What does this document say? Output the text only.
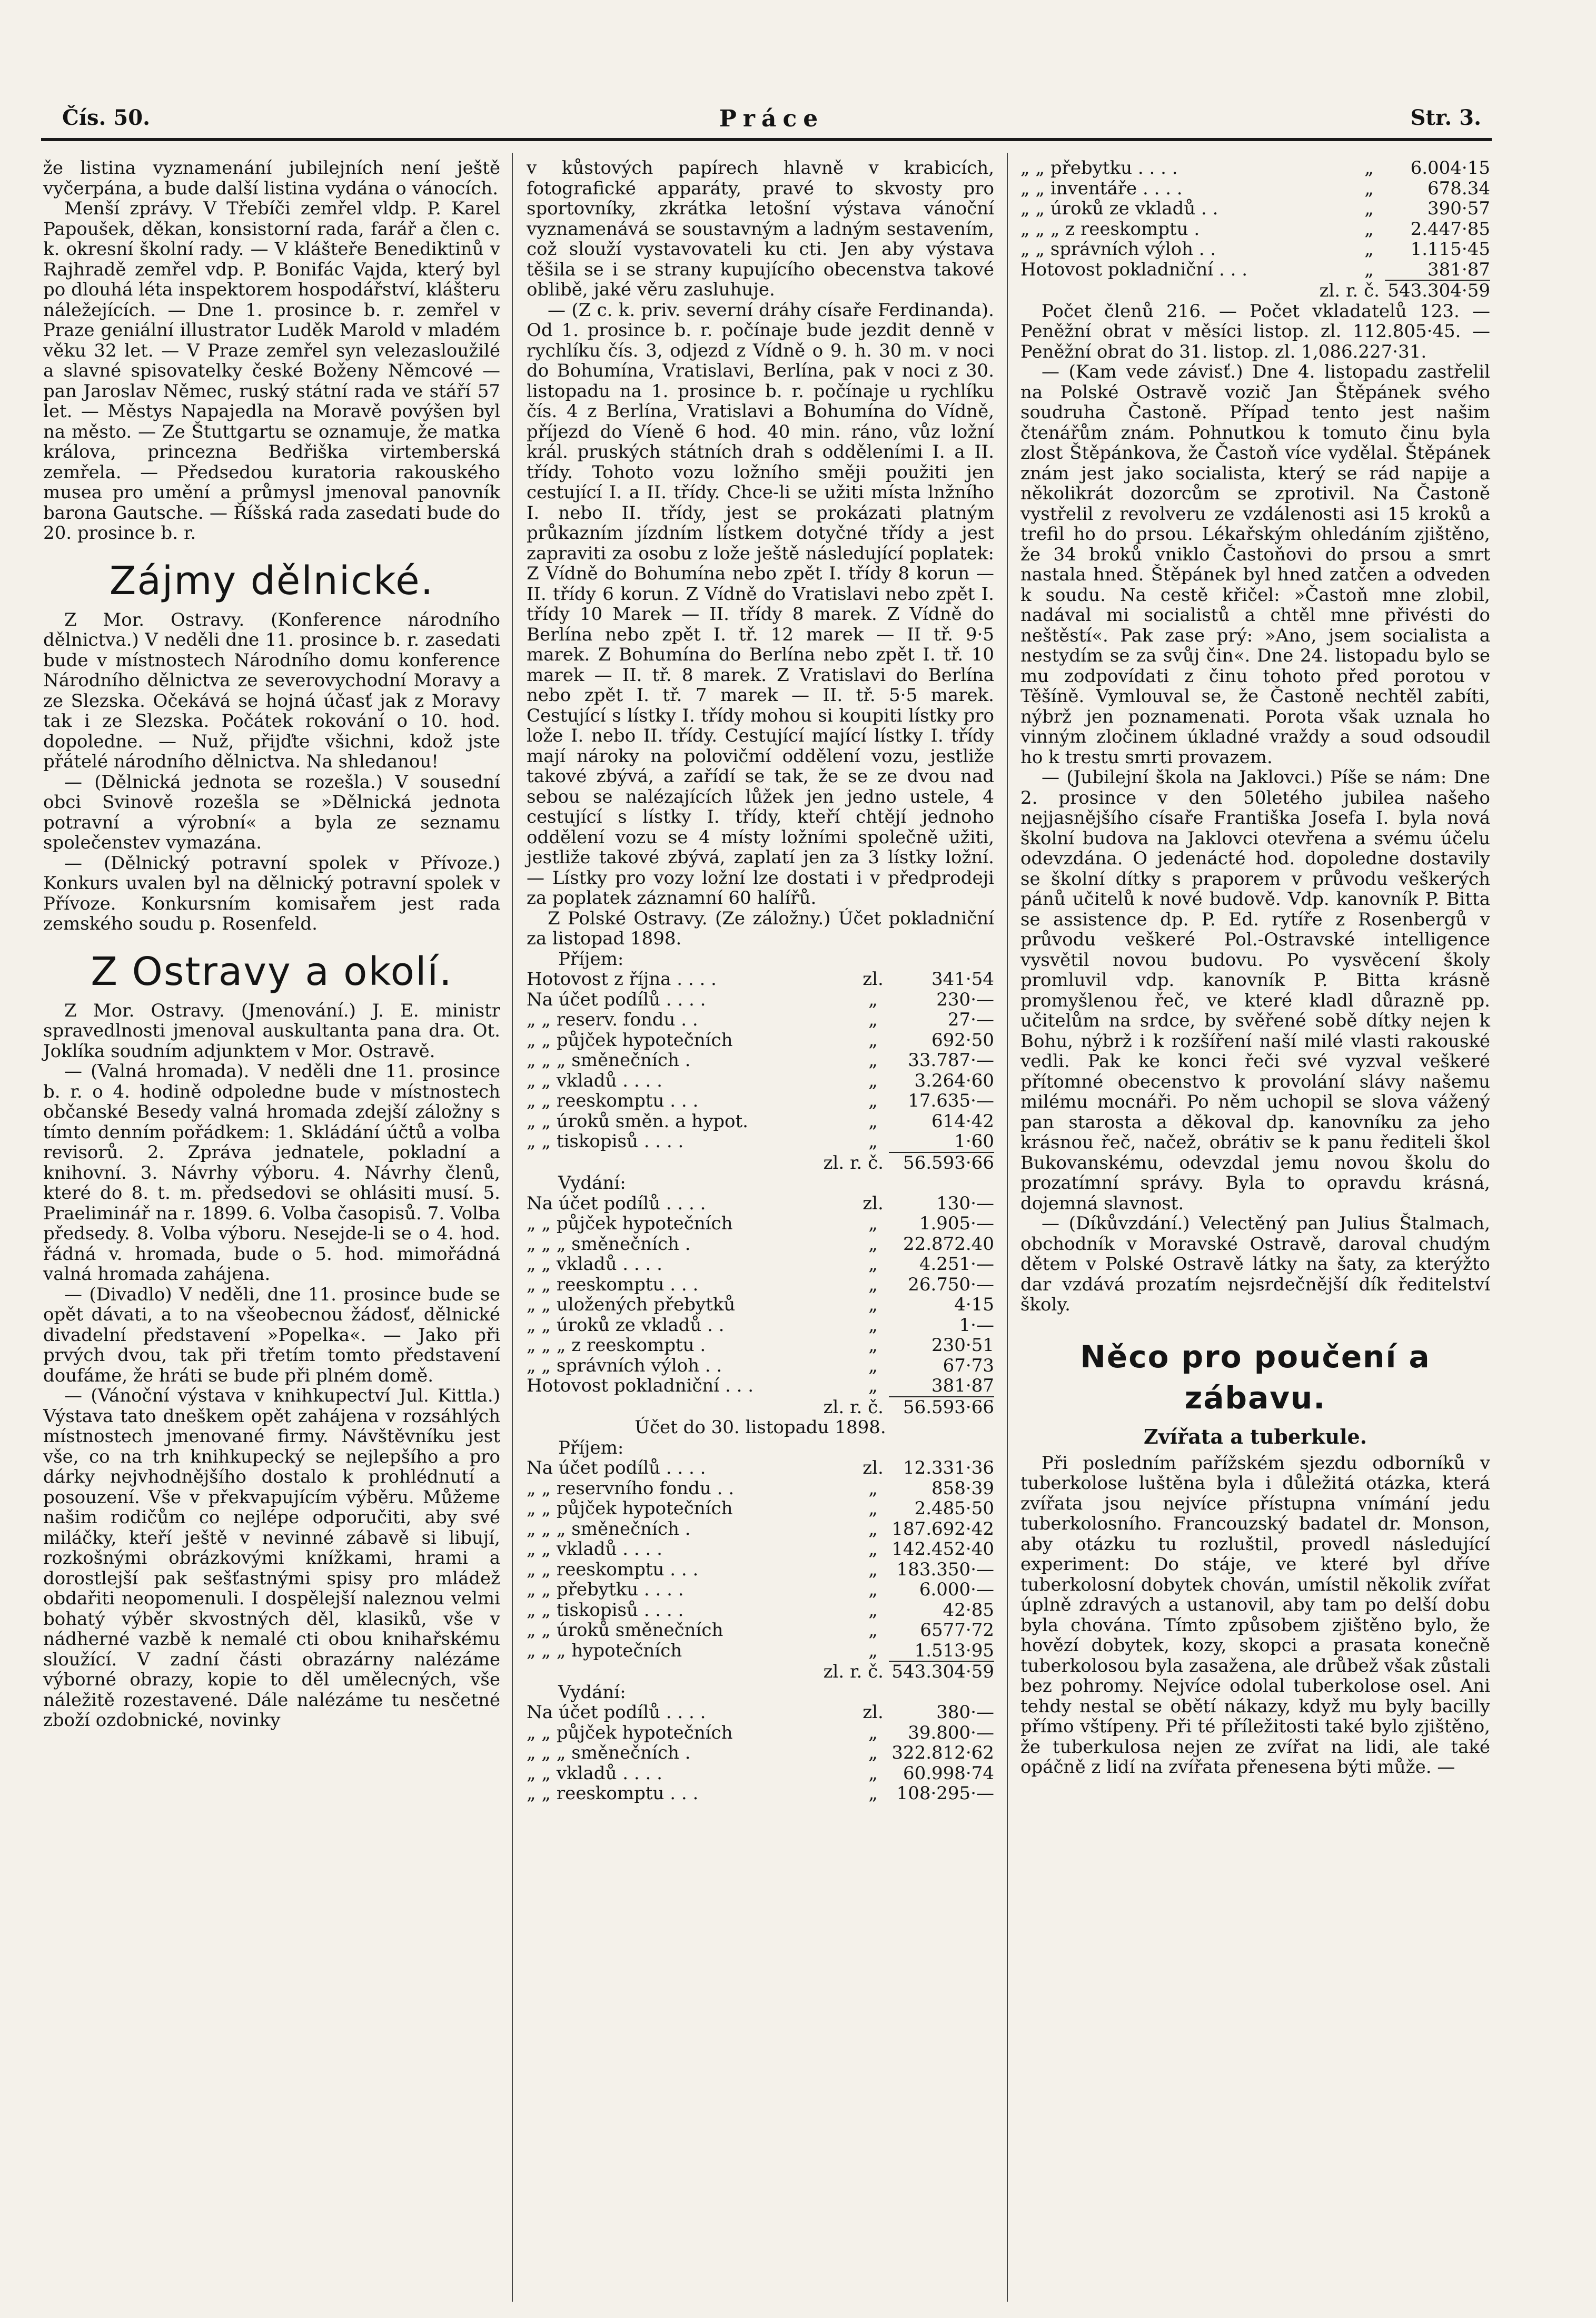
Čís. 50.	Práce	Str. 3.

že listina vyznamenání jubilejních není ještě vyčerpána, a bude další listina vydána o vánocích.

Menší zprávy. V Třebíči zemřel vldp. P. Karel Papoušek, děkan, konsistorní rada, farář a člen c. k. okresní školní rady. — V klášteře Benediktinů v Rajhradě zemřel vdp. P. Bonifác Vajda, který byl po dlouhá léta inspektorem hospodářství, klášteru náležejících. — Dne 1. prosince b. r. zemřel v Praze geniální illustrator Luděk Marold v mladém věku 32 let. — V Praze zemřel syn velezasloužilé a slavné spisovatelky české Boženy Němcové — pan Jaroslav Němec, ruský státní rada ve stáří 57 let. — Městys Napajedla na Moravě povýšen byl na město. — Ze Štuttgartu se oznamuje, že matka králova, princezna Bedřiška virtemberská zemřela. — Předsedou kuratoria rakouského musea pro umění a průmysl jmenoval panovník barona Gautsche. — Říšská rada zasedati bude do 20. prosince b. r.

Zájmy dělnické.

Z Mor. Ostravy. (Konference národního dělnictva.) V neděli dne 11. prosince b. r. zasedati bude v místnostech Národního domu konference Národního dělnictva ze severovychodní Moravy a ze Slezska. Očekává se hojná účasť jak z Moravy tak i ze Slezska. Počátek rokování o 10. hod. dopoledne. — Nuž, přijďte všichni, kdož jste přátelé národního dělnictva. Na shledanou!

— (Dělnická jednota se rozešla.) V sousední obci Svinově rozešla se »Dělnická jednota potravní a výrobní« a byla ze seznamu společenstev vymazána.

— (Dělnický potravní spolek v Přívoze.) Konkurs uvalen byl na dělnický potravní spolek v Přívoze. Konkursním komisařem jest rada zemského soudu p. Rosenfeld.

Z Ostravy a okolí.

Z Mor. Ostravy. (Jmenování.) J. E. ministr spravedlnosti jmenoval auskultanta pana dra. Ot. Joklíka soudním adjunktem v Mor. Ostravě.

— (Valná hromada). V neděli dne 11. prosince b. r. o 4. hodině odpoledne bude v místnostech občanské Besedy valná hromada zdejší záložny s tímto denním pořádkem: 1. Skládání účtů a volba revisorů. 2. Zpráva jednatele, pokladní a knihovní. 3. Návrhy výboru. 4. Návrhy členů, které do 8. t. m. předsedovi se ohlásiti musí. 5. Praeliminář na r. 1899. 6. Volba časopisů. 7. Volba předsedy. 8. Volba výboru. Nesejde-li se o 4. hod. řádná v. hromada, bude o 5. hod. mimořádná valná hromada zahájena.

— (Divadlo) V neděli, dne 11. prosince bude se opět dávati, a to na všeobecnou žádosť, dělnické divadelní představení »Popelka«. — Jako při prvých dvou, tak při třetím tomto představení doufáme, že hráti se bude při plném domě.

— (Vánoční výstava v knihkupectví Jul. Kittla.) Výstava tato dneškem opět zahájena v rozsáhlých místnostech jmenované firmy. Návštěvníku jest vše, co na trh knihkupecký se nejlepšího a pro dárky nejvhodnějšího dostalo k prohlédnutí a posouzení. Vše v překvapujícím výběru. Můžeme našim rodičům co nejlépe odporučiti, aby své miláčky, kteří ještě v nevinné zábavě si libují, rozkošnými obrázkovými knížkami, hrami a dorostlejší pak sešťastnými spisy pro mládež obdařiti neopomenuli. I dospělejší naleznou velmi bohatý výběr skvostných děl, klasiků, vše v nádherné vazbě k nemalé cti obou knihařskému sloužící. V zadní části obrazárny nalézáme výborné obrazy, kopie to děl umělecných, vše náležitě rozestavené. Dále nalézáme tu nesčetné zboží ozdobnické, novinky

v kůstových papírech hlavně v krabicích, fotografické apparáty, pravé to skvosty pro sportovníky, zkrátka letošní výstava vánoční vyznamenává se soustavným a ladným sestavením, což slouží vystavovateli ku cti. Jen aby výstava těšila se i se strany kupujícího obecenstva takové oblibě, jaké věru zasluhuje.

— (Z c. k. priv. severní dráhy císaře Ferdinanda). Od 1. prosince b. r. počínaje bude jezdit denně v rychlíku čís. 3, odjezd z Vídně o 9. h. 30 m. v noci do Bohumína, Vratislavi, Berlína, pak v noci z 30. listopadu na 1. prosince b. r. počínaje u rychlíku čís. 4 z Berlína, Vratislavi a Bohumína do Vídně, příjezd do Víeně 6 hod. 40 min. ráno, vůz ložní král. pruských státních drah s odděleními I. a II. třídy. Tohoto vozu ložního směji použiti jen cestující I. a II. třídy. Chce-li se užiti místa lnžního I. nebo II. třídy, jest se prokázati platným průkazním jízdním lístkem dotyčné třídy a jest zapraviti za osobu z lože ještě následující poplatek: Z Vídně do Bohumína nebo zpět I. třídy 8 korun — II. třídy 6 korun. Z Vídně do Vratislavi nebo zpět I. třídy 10 Marek — II. třídy 8 marek. Z Vídně do Berlína nebo zpět I. tř. 12 marek — II tř. 9·5 marek. Z Bohumína do Berlína nebo zpět I. tř. 10 marek — II. tř. 8 marek. Z Vratislavi do Berlína nebo zpět I. tř. 7 marek — II. tř. 5·5 marek. Cestující s lístky I. třídy mohou si koupiti lístky pro lože I. nebo II. třídy. Cestující mající lístky I. třídy mají nároky na polovičmí oddělení vozu, jestliže takové zbývá, a zařídí se tak, že se ze dvou nad sebou se nalézajících lůžek jen jedno ustele, 4 cestující s lístky I. třídy, kteří chtějí jednoho oddělení vozu se 4 místy ložními společně užiti, jestliže takové zbývá, zaplatí jen za 3 lístky ložní. — Lístky pro vozy ložní lze dostati i v předprodeji za poplatek záznamní 60 halířů.

Z Polské Ostravy. (Ze záložny.) Účet pokladniční za listopad 1898.

Příjem:
Hotovost z října . . . .	zl.	341·54
Na účet podílů . . . .	„	230·—
„ „ reserv. fondu . .	„	27·—
„ „ půjček hypotečních	„	692·50
„ „ „ směnečních .	„	33.787·—
„ „ vkladů . . . .	„	3.264·60
„ „ reeskomptu . . .	„	17.635·—
„ „ úroků směn. a hypot.	„	614·42
„ „ tiskopisů . . . .	„	1·60
zl. r. č.	56.593·66
Vydání:
Na účet podílů . . . .	zl.	130·—
„ „ půjček hypotečních	„	1.905·—
„ „ „ směnečních .	„	22.872.40
„ „ vkladů . . . .	„	4.251·—
„ „ reeskomptu . . .	„	26.750·—
„ „ uložených přebytků	„	4·15
„ „ úroků ze vkladů . .	„	1·—
„ „ „ z reeskomptu .	„	230·51
„ „ správních výloh . .	„	67·73
Hotovost pokladniční . . .	„	381·87
zl. r. č.	56.593·66
Účet do 30. listopadu 1898.
Příjem:
Na účet podílů . . . .	zl.	12.331·36
„ „ reservního fondu . .	„	858·39
„ „ půjček hypotečních	„	2.485·50
„ „ „ směnečních .	„ 187.692·42
„ „ vkladů . . . .	„ 142.452·40
„ „ reeskomptu . . .	„	183.350·—
„ „ přebytku . . . .	„	6.000·—
„ „ tiskopisů . . . .	„	42·85
„ „ úroků směnečních	„	6577·72
„ „ „ hypotečních	„	1.513·95
zl. r. č. 543.304·59
Vydání:
Na účet podílů . . . .	zl.	380·—
„ „ půjček hypotečních	„	39.800·—
„ „ „ směnečních .	„ 322.812·62
„ „ vkladů . . . .	„	60.998·74
„ „ reeskomptu . . .	„	108·295·—
„ „ přebytku . . . .	„	6.004·15
„ „ inventáře . . . .	„	678.34
„ „ úroků ze vkladů . .	„	390·57
„ „ „ z reeskomptu .	„	2.447·85
„ „ správních výloh . .	„	1.115·45
Hotovost pokladniční . . .	„	381·87
zl. r. č. 543.304·59

Počet členů 216. — Počet vkladatelů 123. — Peněžní obrat v měsíci listop. zl. 112.805·45. — Peněžní obrat do 31. listop. zl. 1,086.227·31.

— (Kam vede závisť.) Dne 4. listopadu zastřelil na Polské Ostravě vozič Jan Štěpánek svého soudruha Častoně. Případ tento jest našim čtenářům znám. Pohnutkou k tomuto činu byla zlost Štěpánkova, že Častoň více vydělal. Štěpánek znám jest jako socialista, který se rád napije a několikrát dozorcům se zprotivil. Na Častoně vystřelil z revolveru ze vzdálenosti asi 15 kroků a trefil ho do prsou. Lékařským ohledáním zjištěno, že 34 broků vniklo Častoňovi do prsou a smrt nastala hned. Štěpánek byl hned zatčen a odveden k soudu. Na cestě křičel: »Častoň mne zlobil, nadával mi socialistů a chtěl mne přivésti do neštěstí«. Pak zase prý: »Ano, jsem socialista a nestydím se za svůj čin«. Dne 24. listopadu bylo se mu zodpovídati z činu tohoto před porotou v Těšíně. Vymlouval se, že Častoně nechtěl zabíti, nýbrž jen poznamenati. Porota však uznala ho vinným zločinem úkladné vraždy a soud odsoudil ho k trestu smrti provazem.

— (Jubilejní škola na Jaklovci.) Píše se nám: Dne 2. prosince v den 50letého jubilea našeho nejjasnějšího císaře Františka Josefa I. byla nová školní budova na Jaklovci otevřena a svému účelu odevzdána. O jedenácté hod. dopoledne dostavily se školní dítky s praporem v průvodu veškerých pánů učitelů k nové budově. Vdp. kanovník P. Bitta se assistence dp. P. Ed. rytíře z Rosenbergů v průvodu veškeré Pol.-Ostravské intelligence vysvětil novou budovu. Po vysvěcení školy promluvil vdp. kanovník P. Bitta krásně promyšlenou řeč, ve které kladl důrazně pp. učitelům na srdce, by svěřené sobě dítky nejen k Bohu, nýbrž i k rozšíření naší milé vlasti rakouské vedli. Pak ke konci řeči své vyzval veškeré přítomné obecenstvo k provolání slávy našemu milému mocnáři. Po něm uchopil se slova vážený pan starosta a děkoval dp. kanovníku za jeho krásnou řeč, načež, obrátiv se k panu řediteli škol Bukovanskému, odevzdal jemu novou školu do prozatímní správy. Byla to opravdu krásná, dojemná slavnost.

— (Díkůvzdání.) Velectěný pan Julius Štalmach, obchodník v Moravské Ostravě, daroval chudým dětem v Polské Ostravě látky na šaty, za kterýžto dar vzdává prozatím nejsrdečnější dík ředitelství školy.

Něco pro poučení a zábavu.
Zvířata a tuberkule.

Při posledním pařížském sjezdu odborníků v tuberkolose luštěna byla i důležitá otázka, která zvířata jsou nejvíce přístupna vnímání jedu tuberkolosního. Francouzský badatel dr. Monson, aby otázku tu rozluštil, provedl následující experiment: Do stáje, ve které byl dříve tuberkolosní dobytek chován, umístil několik zvířat úplně zdravých a ustanovil, aby tam po delší dobu byla chována. Tímto způsobem zjištěno bylo, že hovězí dobytek, kozy, skopci a prasata konečně tuberkolosou byla zasažena, ale drůbež však zůstali bez pohromy. Nejvíce odolal tuberkolose osel. Ani tehdy nestal se obětí nákazy, když mu byly bacilly přímo vštípeny. Při té příležitosti také bylo zjištěno, že tuberkulosa nejen ze zvířat na lidi, ale také opáčně z lidí na zvířata přenesena býti může. —
